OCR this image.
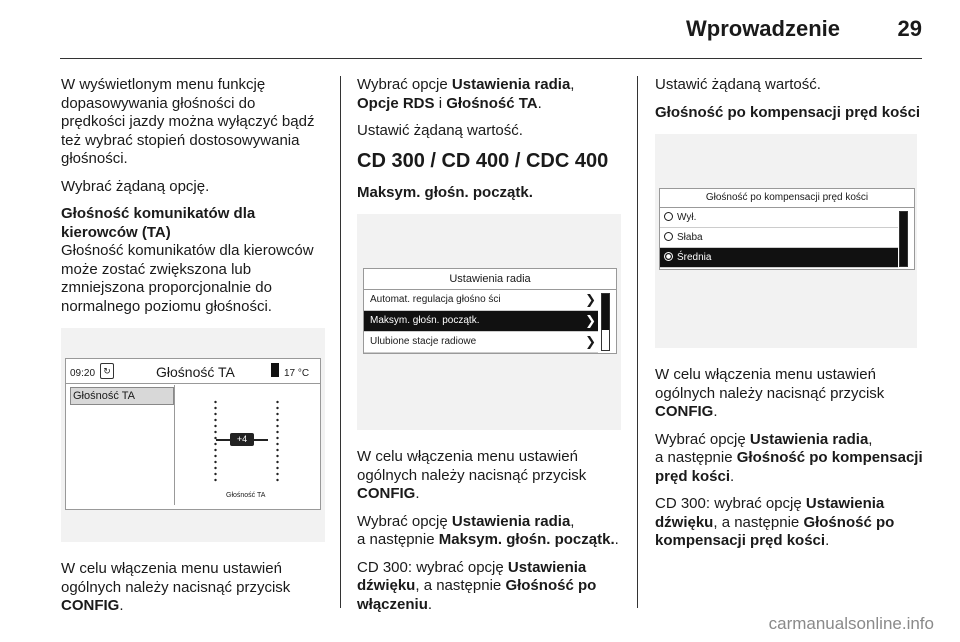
Wprowadzenie	29

W wyświetlonym menu funkcję dopasowywania głośności do prędkości jazdy można wyłączyć bądź też wybrać stopień dostosowywania głośności.

Wybrać żądaną opcję.

Głośność komunikatów dla kierowców (TA)

Głośność komunikatów dla kierowców może zostać zwiększona lub zmniejszona proporcjonalnie do normalnego poziomu głośności.

09:20 ↻	Głośność TA	17 °C
Głośność TA
+4
Głośność TA

W celu włączenia menu ustawień ogólnych należy nacisnąć przycisk CONFIG.

Wybrać opcje Ustawienia radia,
Opcje RDS i Głośność TA.

Ustawić żądaną wartość.

CD 300 / CD 400 / CDC 400

Maksym. głośn. początk.

Ustawienia radia
Automat. regulacja głośno ści	❯
Maksym. głośn. początk.	❯
Ulubione stacje radiowe	❯

W celu włączenia menu ustawień ogólnych należy nacisnąć przycisk CONFIG.

Wybrać opcję Ustawienia radia,
a następnie Maksym. głośn. początk..

CD 300: wybrać opcję Ustawienia dźwięku, a następnie Głośność po włączeniu.

Ustawić żądaną wartość.

Głośność po kompensacji pręd kości

Głośność po kompensacji pręd kości
Wył.
Słaba
Średnia

W celu włączenia menu ustawień ogólnych należy nacisnąć przycisk CONFIG.

Wybrać opcję Ustawienia radia,
a następnie Głośność po kompensacji pręd kości.

CD 300: wybrać opcję Ustawienia dźwięku, a następnie Głośność po kompensacji pręd kości.

carmanualsonline.info
